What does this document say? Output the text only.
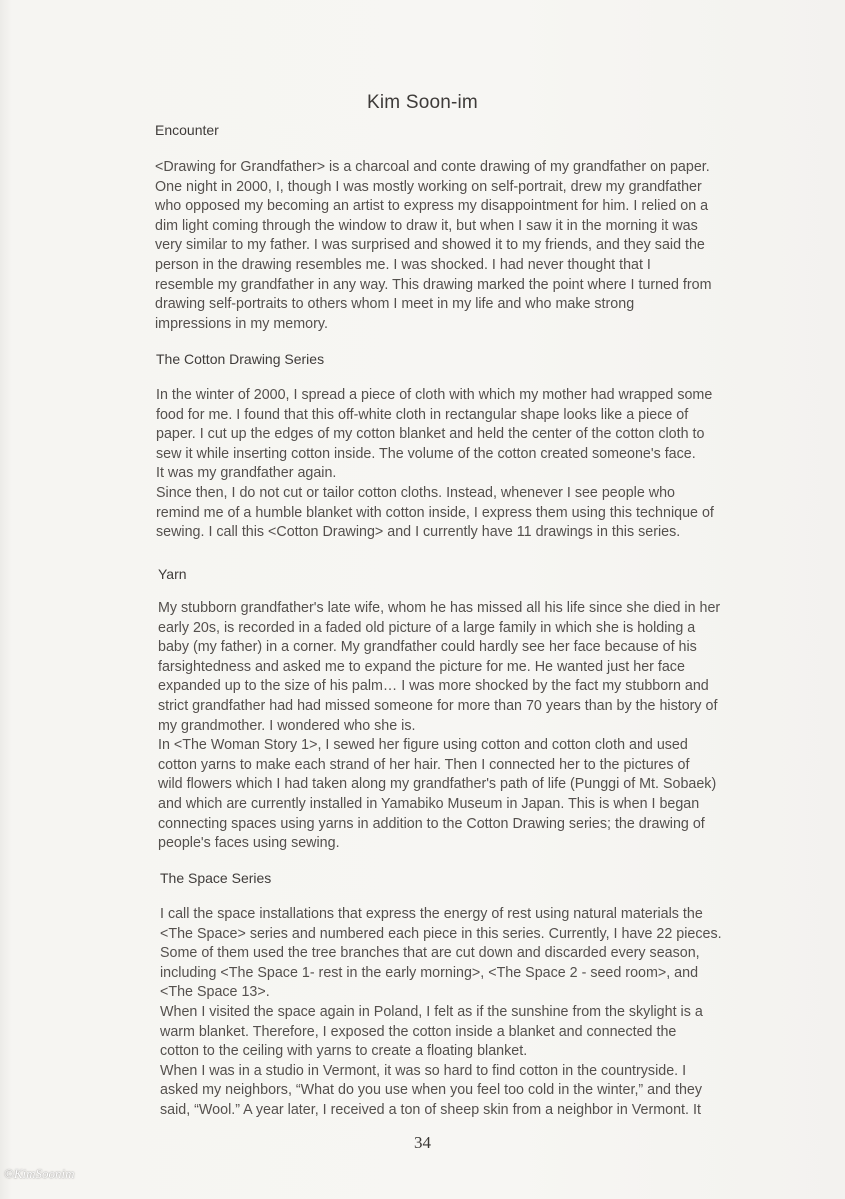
Kim Soon-im
Encounter
<Drawing for Grandfather> is a charcoal and conte drawing of my grandfather on paper.
One night in 2000, I, though I was mostly working on self-portrait, drew my grandfather
who opposed my becoming an artist to express my disappointment for him. I relied on a
dim light coming through the window to draw it, but when I saw it in the morning it was
very similar to my father. I was surprised and showed it to my friends, and they said the
person in the drawing resembles me. I was shocked. I had never thought that I
resemble my grandfather in any way. This drawing marked the point where I turned from
drawing self-portraits to others whom I meet in my life and who make strong
impressions in my memory.
The Cotton Drawing Series
In the winter of 2000, I spread a piece of cloth with which my mother had wrapped some
food for me. I found that this off-white cloth in rectangular shape looks like a piece of
paper. I cut up the edges of my cotton blanket and held the center of the cotton cloth to
sew it while inserting cotton inside. The volume of the cotton created someone's face.
It was my grandfather again.
Since then, I do not cut or tailor cotton cloths. Instead, whenever I see people who
remind me of a humble blanket with cotton inside, I express them using this technique of
sewing. I call this <Cotton Drawing> and I currently have 11 drawings in this series.
Yarn
My stubborn grandfather's late wife, whom he has missed all his life since she died in her
early 20s, is recorded in a faded old picture of a large family in which she is holding a
baby (my father) in a corner. My grandfather could hardly see her face because of his
farsightedness and asked me to expand the picture for me. He wanted just her face
expanded up to the size of his palm… I was more shocked by the fact my stubborn and
strict grandfather had had missed someone for more than 70 years than by the history of
my grandmother. I wondered who she is.
In <The Woman Story 1>, I sewed her figure using cotton and cotton cloth and used
cotton yarns to make each strand of her hair. Then I connected her to the pictures of
wild flowers which I had taken along my grandfather's path of life (Punggi of Mt. Sobaek)
and which are currently installed in Yamabiko Museum in Japan. This is when I began
connecting spaces using yarns in addition to the Cotton Drawing series; the drawing of
people's faces using sewing.
The Space Series
I call the space installations that express the energy of rest using natural materials the
<The Space> series and numbered each piece in this series. Currently, I have 22 pieces.
Some of them used the tree branches that are cut down and discarded every season,
including <The Space 1- rest in the early morning>, <The Space 2 - seed room>, and
<The Space 13>.
When I visited the space again in Poland, I felt as if the sunshine from the skylight is a
warm blanket. Therefore, I exposed the cotton inside a blanket and connected the
cotton to the ceiling with yarns to create a floating blanket.
When I was in a studio in Vermont, it was so hard to find cotton in the countryside. I
asked my neighbors, “What do you use when you feel too cold in the winter,” and they
said, “Wool.” A year later, I received a ton of sheep skin from a neighbor in Vermont. It
34
©KimSoonim
